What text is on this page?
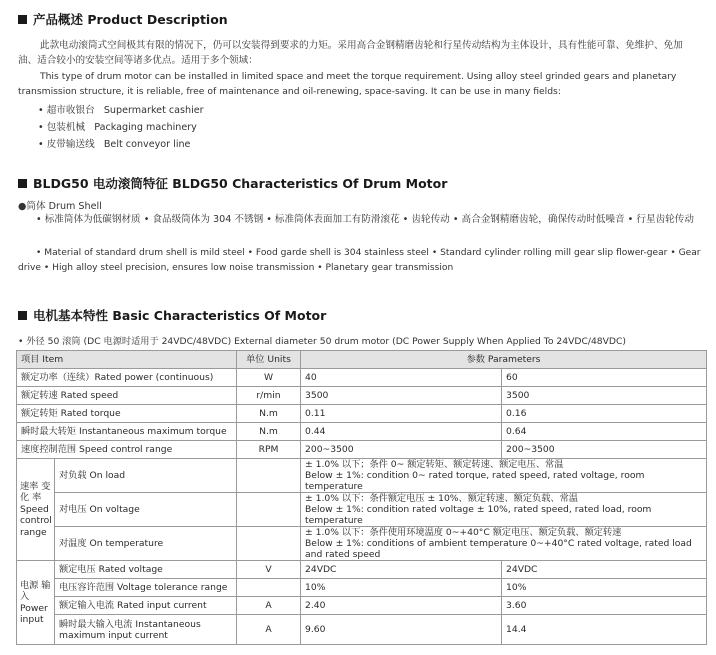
产品概述 Product Description
此款电动滚筒式空间极其有限的情况下，仍可以安装得到要求的力矩。采用高合金钢精磨齿轮和行星传动结构为主体设计，具有性能可靠、免维护、免加油、适合较小的安装空间等诸多优点。适用于多个领域：
This type of drum motor can be installed in limited space and meet the torque requirement. Using alloy steel grinded gears and planetary transmission structure, it is reliable, free of maintenance and oil-renewing, space-saving. It can be use in many fields:
• 超市收银台 Supermarket cashier
• 包装机械 Packaging machinery
• 皮带输送线 Belt conveyor line
BLDG50 电动滚筒特征 BLDG50 Characteristics Of Drum Motor
●筒体 Drum Shell
• 标准筒体为低碳钢材质 • 食品级筒体为 304 不锈钢 • 标准筒体表面加工有防滑滚花 • 齿轮传动 • 高合金钢精磨齿轮，确保传动时低噪音 • 行星齿轮传动
• Material of standard drum shell is mild steel • Food garde shell is 304 stainless steel • Standard cylinder rolling mill gear slip flower-gear • Gear drive • High alloy steel precision, ensures low noise transmission • Planetary gear transmission
电机基本特性 Basic Characteristics Of Motor
• 外径 50 滚筒 (DC 电源时适用于 24VDC/48VDC) External diameter 50 drum motor (DC Power Supply When Applied To 24VDC/48VDC)
项目 Item		单位 Units	参数 Parameters	
额定功率（连续）Rated power (continuous)		W	40	60
额定转速 Rated speed		r/min	3500	3500
额定转矩 Rated torque		N.m	0.11	0.16
瞬时最大转矩 Instantaneous maximum torque		N.m	0.44	0.64
速度控制范围 Speed control range		RPM	200~3500	200~3500
速率 变化 率 Speed control range	对负载 On load		± 1.0% 以下；条件 0~ 额定转矩、额定转速、额定电压、常温
Below ± 1%: condition 0~ rated torque, rated speed, rated voltage, room temperature	

	对电压 On voltage		± 1.0% 以下：条件额定电压 ± 10%、额定转速、额定负载、常温
Below ± 1%: condition rated voltage ± 10%, rated speed, rated load, room temperature	

	对温度 On temperature		± 1.0% 以下：条件使用环境温度 0~+40°C 额定电压、额定负载、额定转速
Below ± 1%: conditions of ambient temperature 0~+40°C rated voltage, rated load and rated speed	

电源 输入 Power input	额定电压 Rated voltage	V	24VDC	24VDC
	电压容许范围 Voltage tolerance range		10%	10%
	额定输入电流 Rated input current	A	2.40	3.60
	瞬时最大输入电流 Instantaneous maximum input current	A	9.60	14.4
